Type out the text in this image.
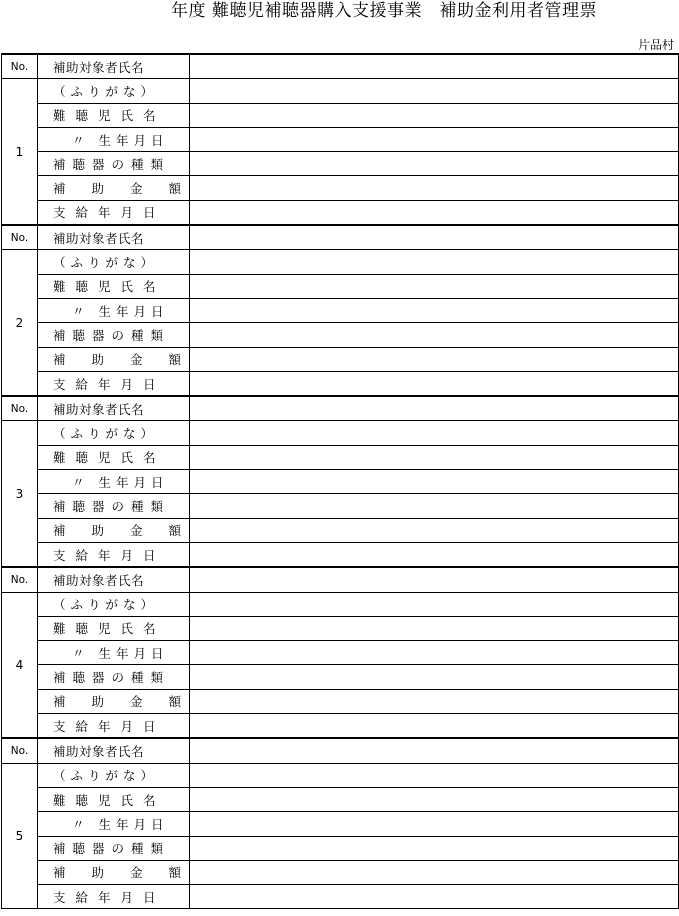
年度 難聴児補聴器購入支援事業　補助金利用者管理票
片品村
No.	補助対象者氏名	
1	（ふりがな）	
	難聴児氏名	
	〃 生年月日	
	補聴器の種類	
	補助金額	
	支給年月日	
No.	補助対象者氏名	
2	（ふりがな）	
	難聴児氏名	
	〃 生年月日	
	補聴器の種類	
	補助金額	
	支給年月日	
No.	補助対象者氏名	
3	（ふりがな）	
	難聴児氏名	
	〃 生年月日	
	補聴器の種類	
	補助金額	
	支給年月日	
No.	補助対象者氏名	
4	（ふりがな）	
	難聴児氏名	
	〃 生年月日	
	補聴器の種類	
	補助金額	
	支給年月日	
No.	補助対象者氏名	
5	（ふりがな）	
	難聴児氏名	
	〃 生年月日	
	補聴器の種類	
	補助金額	
	支給年月日	
